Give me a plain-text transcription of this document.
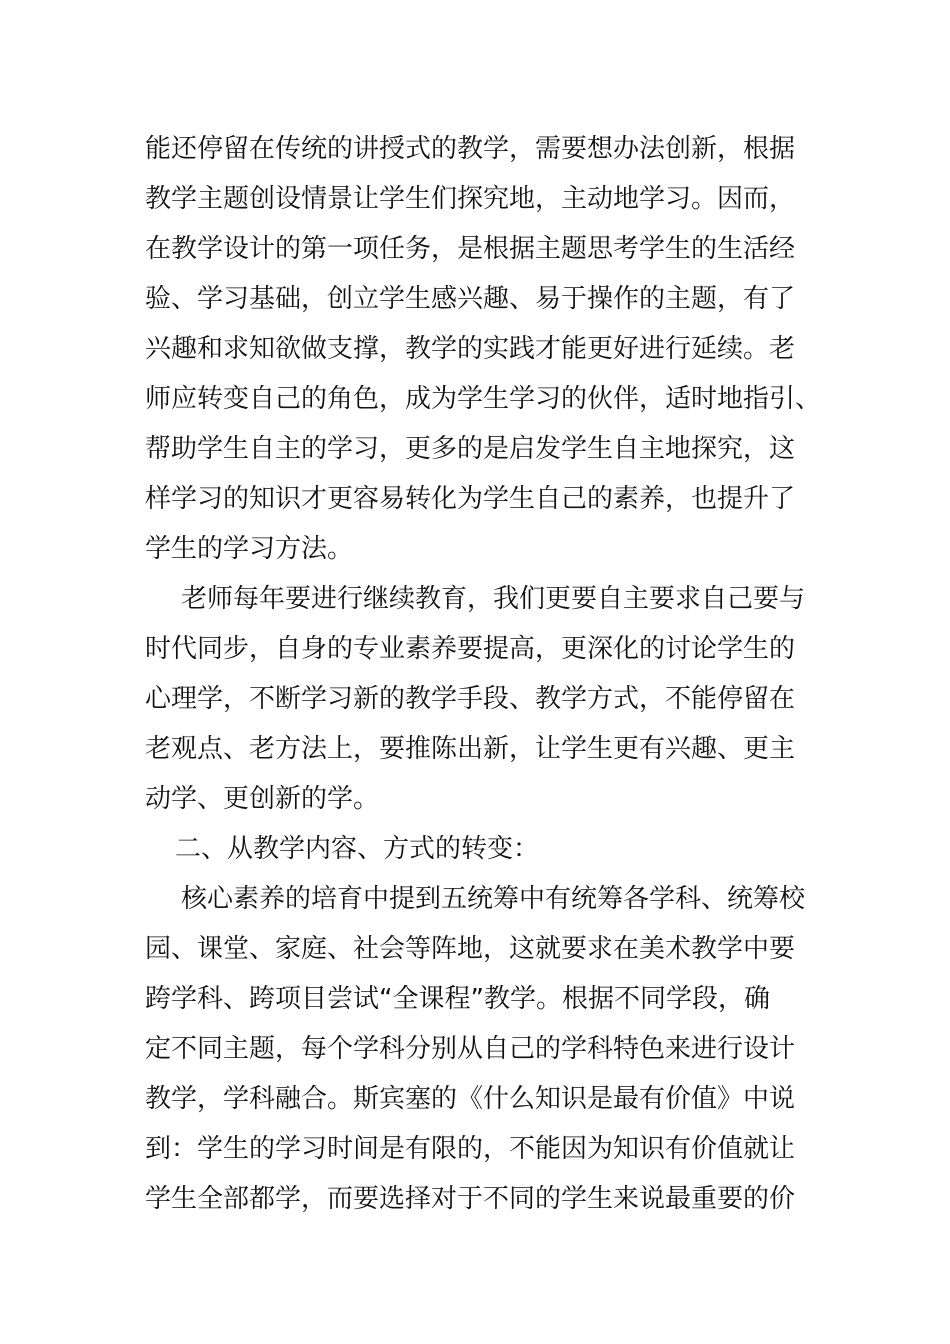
能还停留在传统的讲授式的教学，需要想办法创新，根据
教学主题创设情景让学生们探究地，主动地学习。因而，
在教学设计的第一项任务，是根据主题思考学生的生活经
验、学习基础，创立学生感兴趣、易于操作的主题，有了
兴趣和求知欲做支撑，教学的实践才能更好进行延续。老
师应转变自己的角色，成为学生学习的伙伴，适时地指引、
帮助学生自主的学习，更多的是启发学生自主地探究，这
样学习的知识才更容易转化为学生自己的素养，也提升了
学生的学习方法。
老师每年要进行继续教育，我们更要自主要求自己要与
时代同步，自身的专业素养要提高，更深化的讨论学生的
心理学，不断学习新的教学手段、教学方式，不能停留在
老观点、老方法上，要推陈出新，让学生更有兴趣、更主
动学、更创新的学。
二、从教学内容、方式的转变：
核心素养的培育中提到五统筹中有统筹各学科、统筹校
园、课堂、家庭、社会等阵地，这就要求在美术教学中要
跨学科、跨项目尝试“全课程”教学。根据不同学段，确
定不同主题，每个学科分别从自己的学科特色来进行设计
教学，学科融合。斯宾塞的《什么知识是最有价值》中说
到：学生的学习时间是有限的，不能因为知识有价值就让
学生全部都学，而要选择对于不同的学生来说最重要的价
